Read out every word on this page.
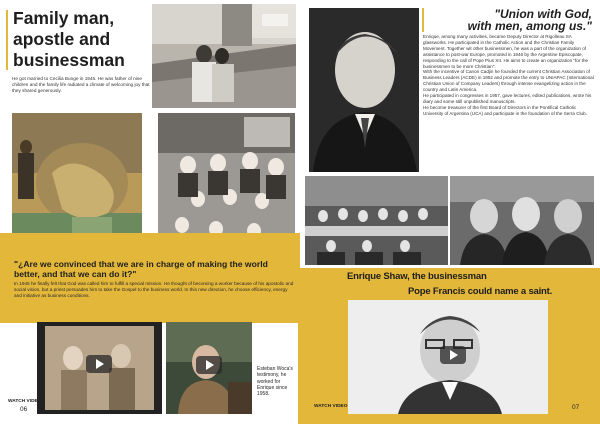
Family man,
apostle and
businessman
He got married to Cecilia Bunge in 1945. He was father of nine children and the family life radiated a climate of welcoming joy that they shared generously.
"¿Are we convinced that we are in charge of making the world better, and that we can do it?"
In 1945 he finally felt that God was called him to fulfill a special mission. He thought of becoming a worker because of his apostolic and social vision, but a priest persuades him to take the Gospel to the business world. In this new direction, he choose efficiency, energy and initiative as business conditions.
Esteban Woca's testimony, he worked for Enrique since 1958.
WATCH VIDEO
06
"Union with God,
with men, among us."

Enrique, among many activities, became Deputy Director at Rigolleau SA glassworks. He participated in the Catholic Action and the Christian Family Movement. Together wit other businessmen, he was a part of the organization of assistance to post-war Europe, promoted in 1946 by the Argentine Episcopate, responding to the call of Pope Pius XII. He aims to create an organization "for the businessmen to be more Christian".

With the incentive of Canon Cadjin he founded the current Christian Association of Business Leaders (ACDE) in 1952 and promote the entry to UNIAPAC (International Christian Union of Company Leaders) through intense evangelizing action in the country and Latin America.

He participated in congresses in 1957, gave lectures, edited publications, wrote his diary and some still unpublished manuscripts.

He become treasurer of the first Board of Directors in the Pontifical Catholic University of Argentina (UCA) and participate in the foundation of the Serra Club.

Enrique Shaw, the businessman
Pope Francis could name a saint.
WATCH VIDEO	07
